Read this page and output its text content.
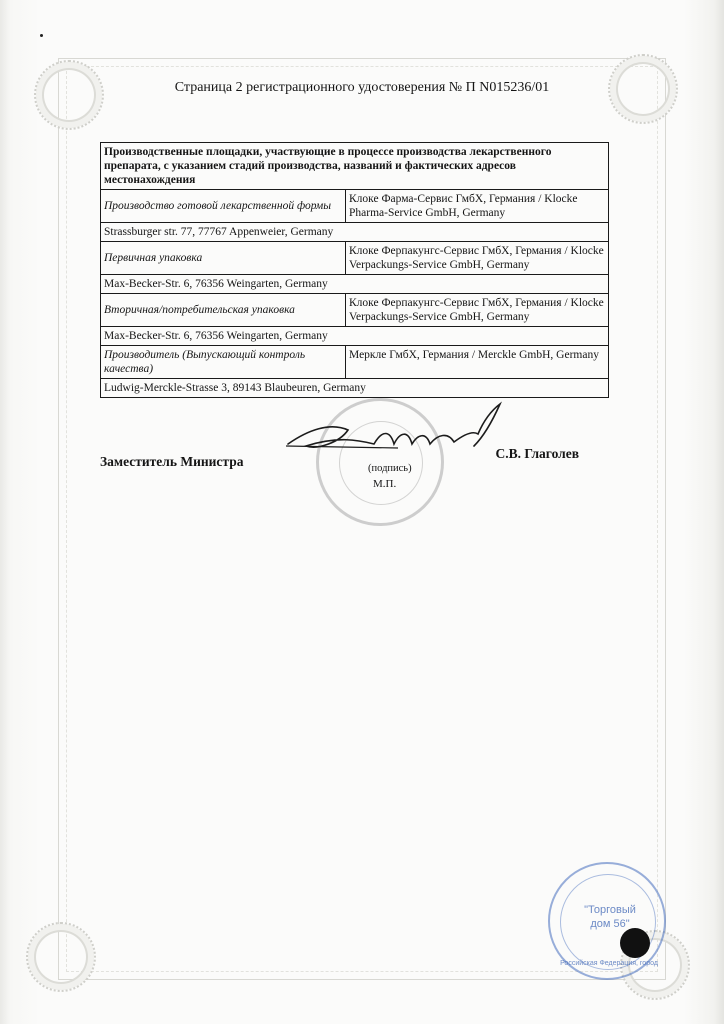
Страница 2 регистрационного удостоверения № П N015236/01
Производственные площадки, участвующие в процессе производства лекарственного препарата, с указанием стадий производства, названий и фактических адресов местонахождения	
Производство готовой лекарственной формы	Клоке Фарма-Сервис ГмбХ, Германия / Klocke Pharma-Service GmbH, Germany
Strassburger str. 77, 77767 Appenweier, Germany	
Первичная упаковка	Клоке Ферпакунгс-Сервис ГмбХ, Германия / Klocke Verpackungs-Service GmbH, Germany
Max-Becker-Str. 6, 76356 Weingarten, Germany	
Вторичная/потребительская упаковка	Клоке Ферпакунгс-Сервис ГмбХ, Германия / Klocke Verpackungs-Service GmbH, Germany
Max-Becker-Str. 6, 76356 Weingarten, Germany	
Производитель (Выпускающий контроль качества)	Меркле ГмбХ, Германия / Merckle GmbH, Germany
Ludwig-Merckle-Strasse 3, 89143 Blaubeuren, Germany	
Заместитель Министра
С.В. Глаголев
(подпись)
М.П.
"Торговый
дом 56"
Российская Федерация, город
